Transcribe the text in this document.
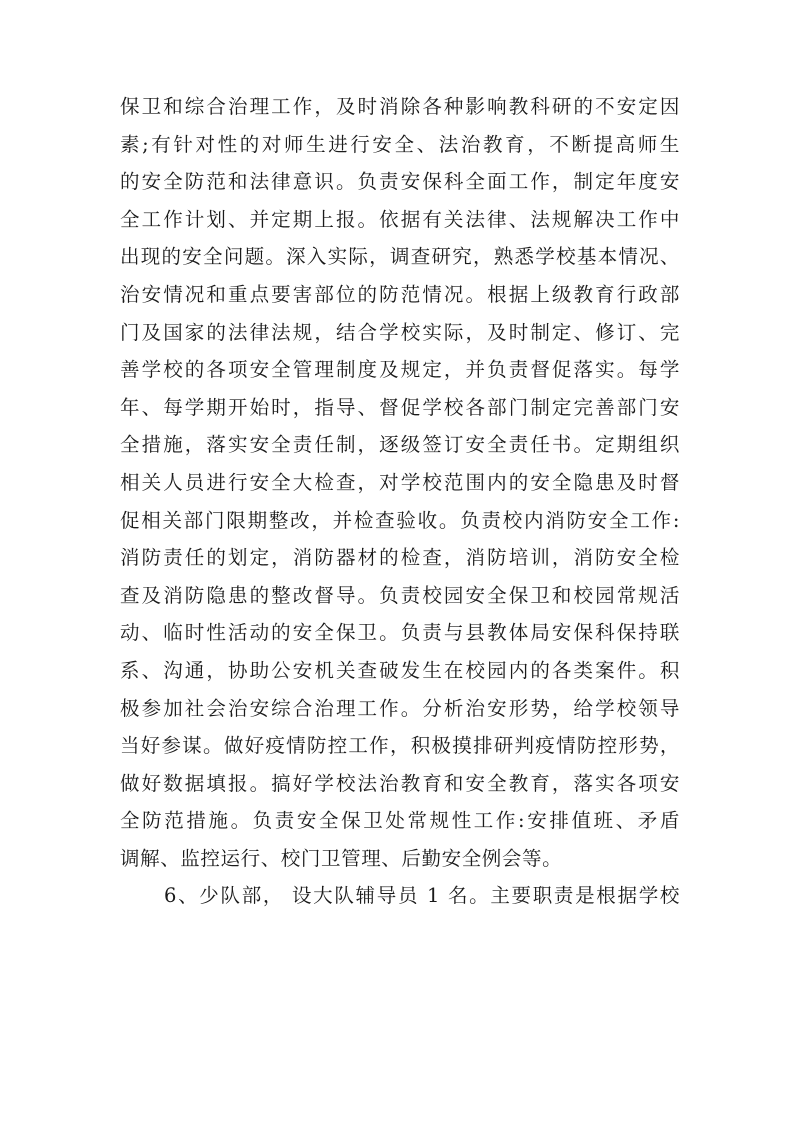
保卫和综合治理工作，及时消除各种影响教科研的不安定因
素;有针对性的对师生进行安全、法治教育，不断提高师生
的安全防范和法律意识。负责安保科全面工作，制定年度安
全工作计划、并定期上报。依据有关法律、法规解决工作中
出现的安全问题。深入实际，调查研究，熟悉学校基本情况、
治安情况和重点要害部位的防范情况。根据上级教育行政部
门及国家的法律法规，结合学校实际，及时制定、修订、完
善学校的各项安全管理制度及规定，并负责督促落实。每学
年、每学期开始时，指导、督促学校各部门制定完善部门安
全措施，落实安全责任制，逐级签订安全责任书。定期组织
相关人员进行安全大检查，对学校范围内的安全隐患及时督
促相关部门限期整改，并检查验收。负责校内消防安全工作:
消防责任的划定，消防器材的检查，消防培训，消防安全检
查及消防隐患的整改督导。负责校园安全保卫和校园常规活
动、临时性活动的安全保卫。负责与县教体局安保科保持联
系、沟通，协助公安机关查破发生在校园内的各类案件。积
极参加社会治安综合治理工作。分析治安形势，给学校领导
当好参谋。做好疫情防控工作，积极摸排研判疫情防控形势，
做好数据填报。搞好学校法治教育和安全教育，落实各项安
全防范措施。负责安全保卫处常规性工作:安排值班、矛盾
调解、监控运行、校门卫管理、后勤安全例会等。
6、少队部， 设大队辅导员 1 名。主要职责是根据学校
